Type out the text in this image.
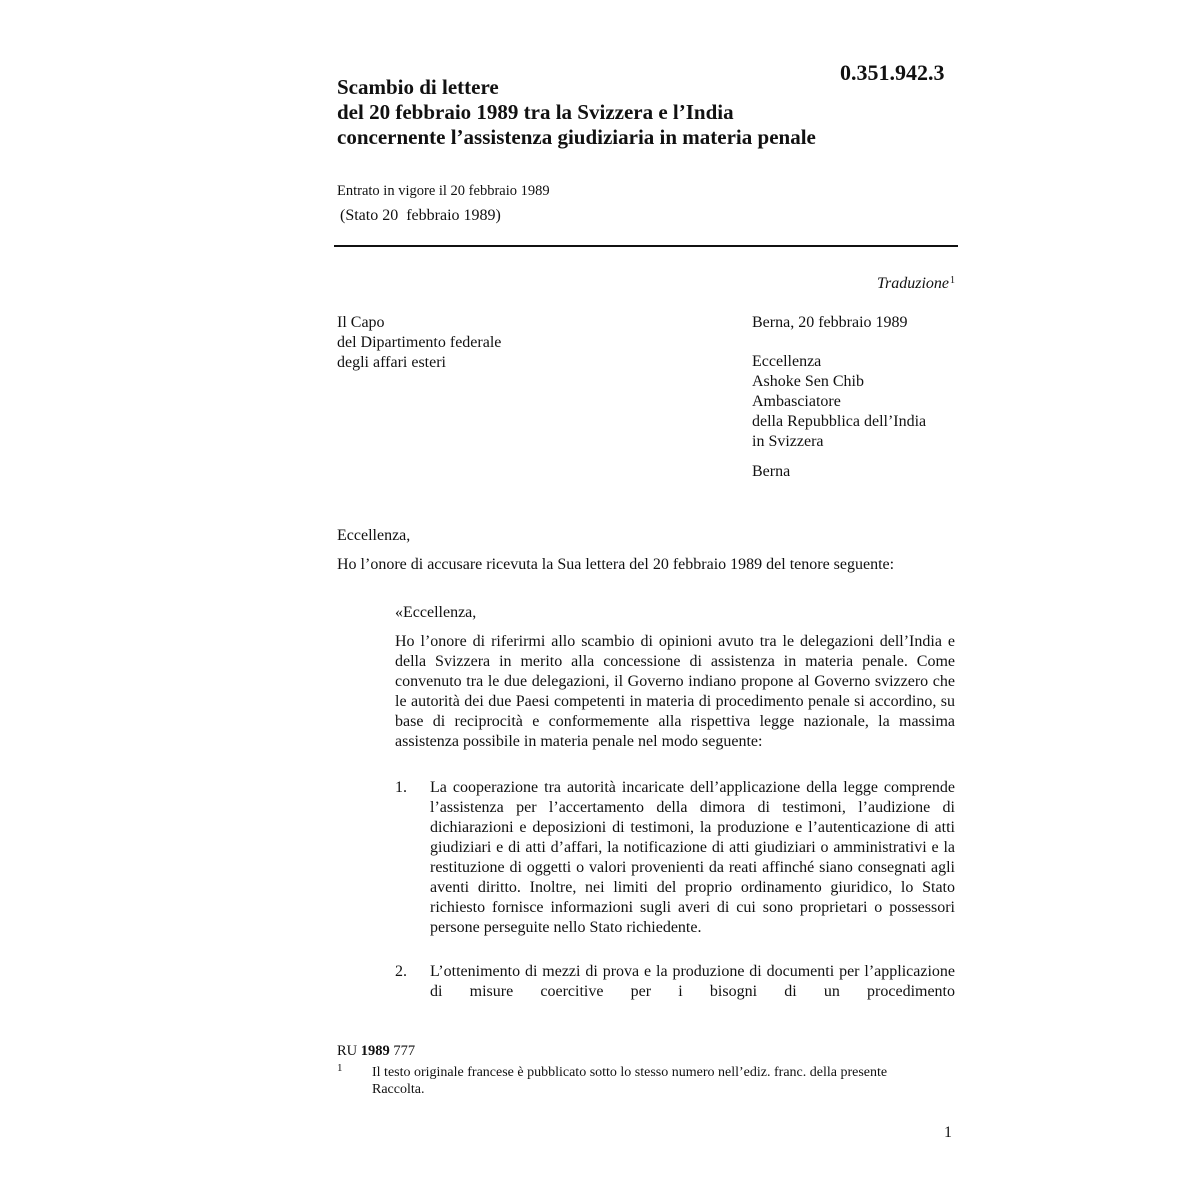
0.351.942.3
Scambio di lettere
del 20 febbraio 1989 tra la Svizzera e l’India
concernente l’assistenza giudiziaria in materia penale
Entrato in vigore il 20 febbraio 1989
(Stato 20  febbraio 1989)
Traduzione$^1$
Il Capo
del Dipartimento federale
degli affari esteri
Berna, 20 febbraio 1989
Eccellenza
Ashoke Sen Chib
Ambasciatore
della Repubblica dell’India
in Svizzera
Berna
Eccellenza,
Ho l’onore di accusare ricevuta la Sua lettera del 20 febbraio 1989 del tenore seguente:
«Eccellenza,
Ho l’onore di riferirmi allo scambio di opinioni avuto tra le delegazioni dell’India e della Svizzera in merito alla concessione di assistenza in materia penale. Come convenuto tra le due delegazioni, il Governo indiano propone al Governo svizzero che le autorità dei due Paesi competenti in materia di procedimento penale si accordino, su base di reciprocità e conformemente alla rispettiva legge nazionale, la massima assistenza possibile in materia penale nel modo seguente:
1.	La cooperazione tra autorità incaricate dell’applicazione della legge comprende l’assistenza per l’accertamento della dimora di testimoni, l’audizione di dichiarazioni e deposizioni di testimoni, la produzione e l’autenticazione di atti giudiziari e di atti d’affari, la notificazione di atti giudiziari o amministrativi e la restituzione di oggetti o valori provenienti da reati affinché siano consegnati agli aventi diritto. Inoltre, nei limiti del proprio ordinamento giuridico, lo Stato richiesto fornisce informazioni sugli averi di cui sono proprietari o possessori persone perseguite nello Stato richiedente.
2.	L’ottenimento di mezzi di prova e la produzione di documenti per l’applicazione di misure coercitive per i bisogni di un procedimento
RU 1989 777
1 Il testo originale francese è pubblicato sotto lo stesso numero nell’ediz. franc. della presente Raccolta.
1
